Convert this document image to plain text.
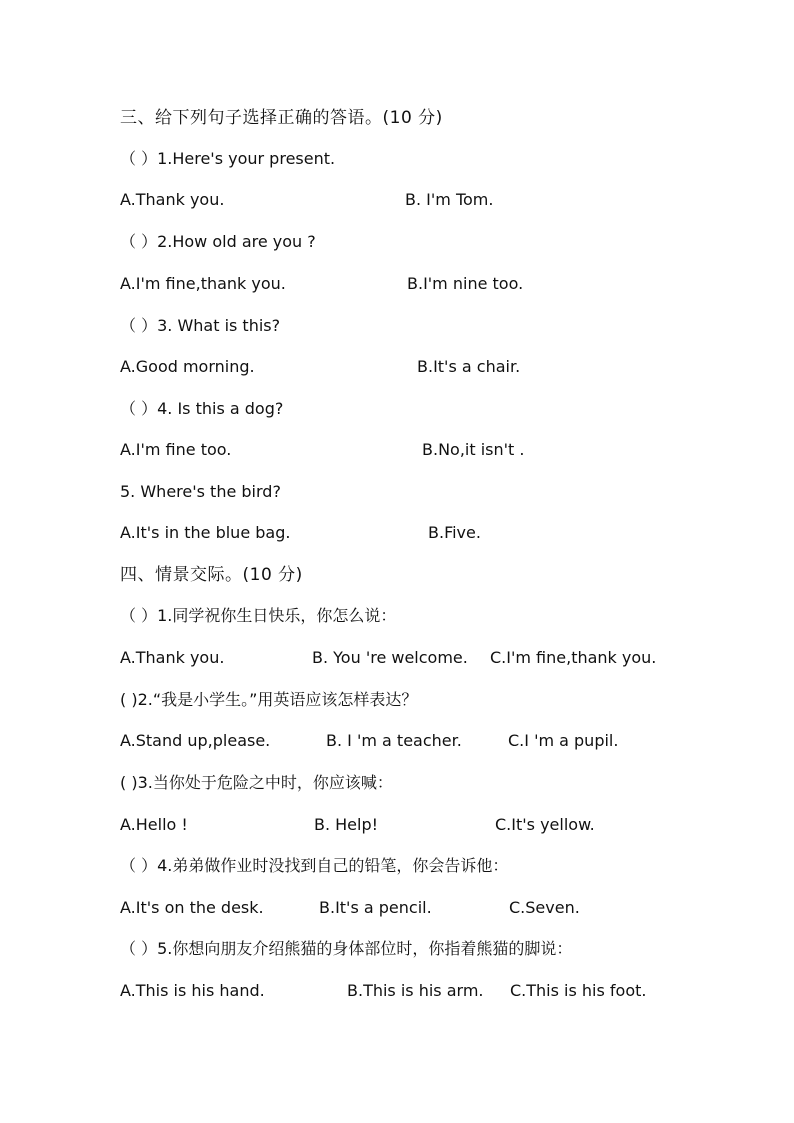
三、给下列句子选择正确的答语。(10 分)
（ ）1.Here's your present.
A.Thank you.	B. I'm Tom.
（ ）2.How old are you ?
A.I'm fine,thank you.	B.I'm nine too.
（ ）3. What is this?
A.Good morning.	B.It's a chair.
（ ）4. Is this a dog?
A.I'm fine too.	B.No,it isn't .
5. Where's the bird?
A.It's in the blue bag.	B.Five.
四、情景交际。(10 分)
（ ）1.同学祝你生日快乐，你怎么说：
A.Thank you.	B. You 're welcome. C.I'm fine,thank you.
( )2.“我是小学生。”用英语应该怎样表达？
A.Stand up,please.	B. I 'm a teacher.	C.I 'm a pupil.
( )3.当你处于危险之中时，你应该喊：
A.Hello !	B. Help!	C.It's yellow.
（ ）4.弟弟做作业时没找到自己的铅笔，你会告诉他：
A.It's on the desk.	B.It's a pencil.	C.Seven.
（ ）5.你想向朋友介绍熊猫的身体部位时，你指着熊猫的脚说：
A.This is his hand.	B.This is his arm. C.This is his foot.
